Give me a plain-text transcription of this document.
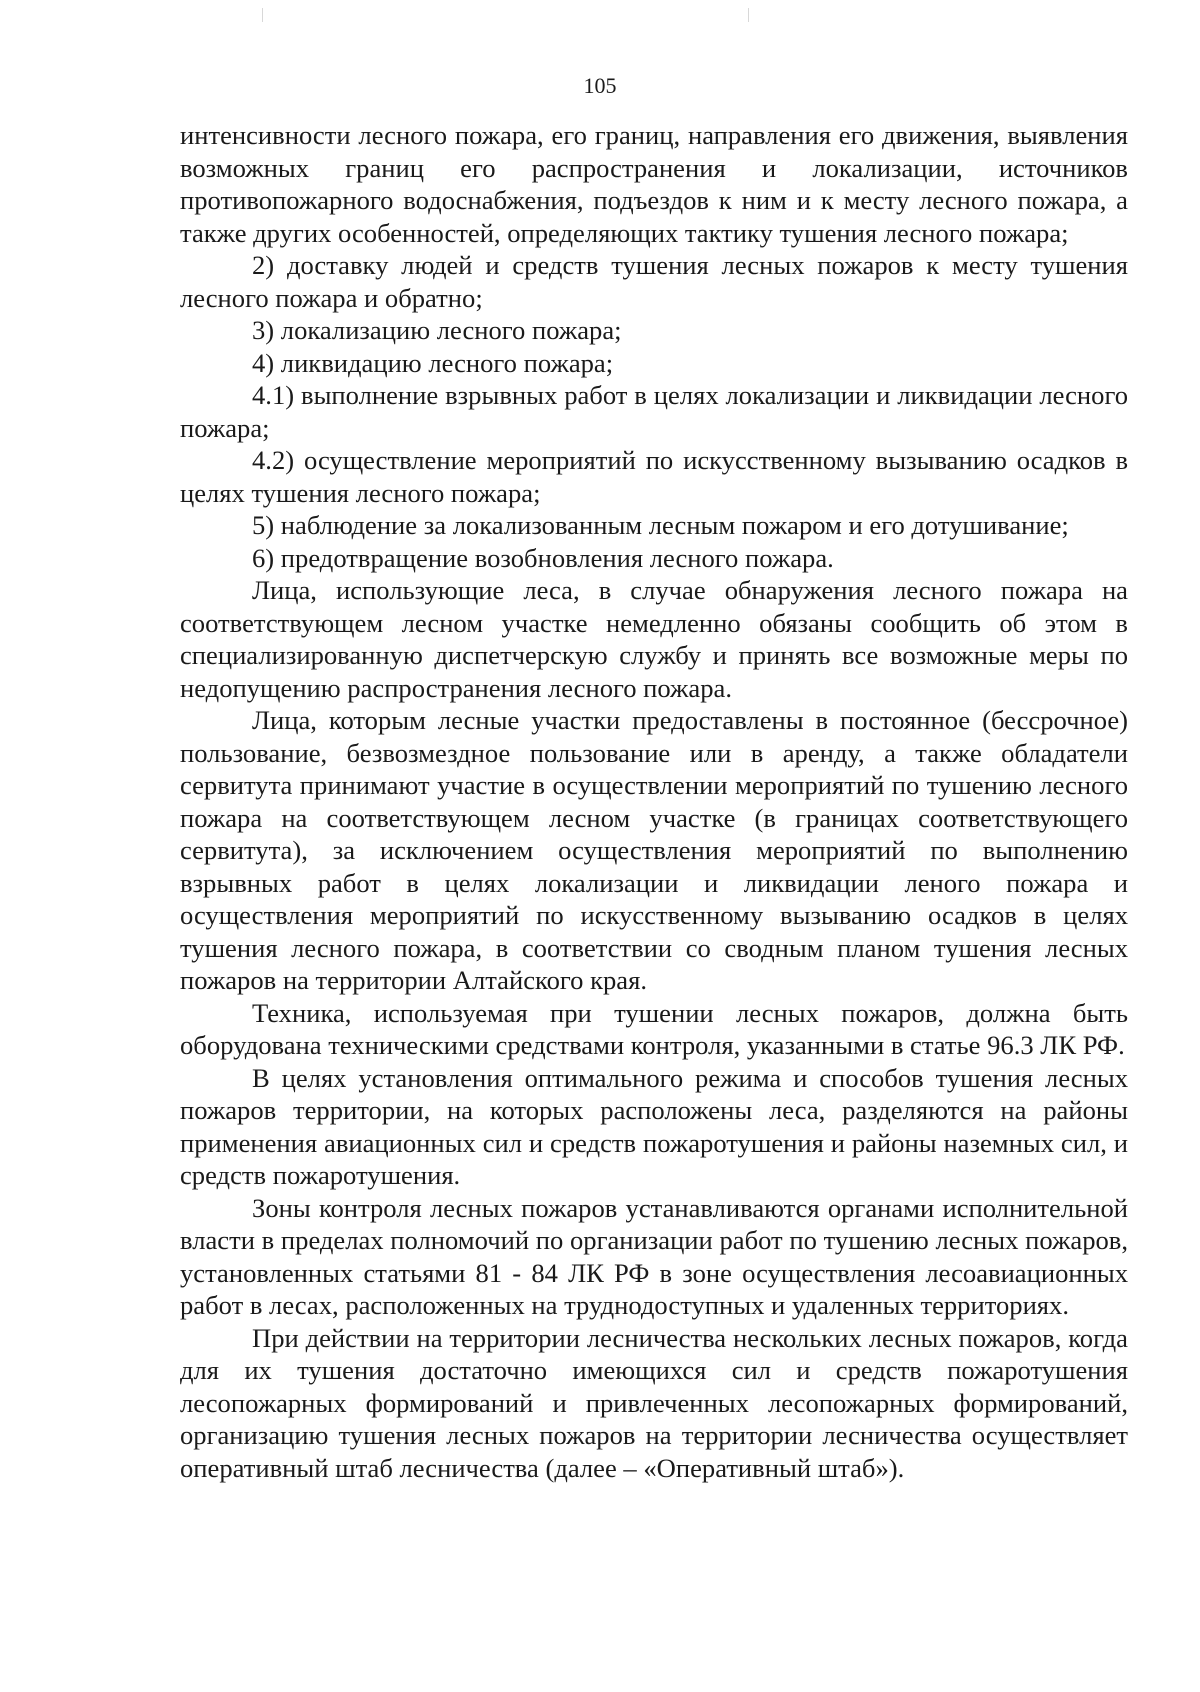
105

интенсивности лесного пожара, его границ, направления его движения, выявления возможных границ его распространения и локализации, источников противопожарного водоснабжения, подъездов к ним и к месту лесного пожара, а также других особенностей, определяющих тактику тушения лесного пожара;

2) доставку людей и средств тушения лесных пожаров к месту тушения лесного пожара и обратно;

3) локализацию лесного пожара;

4) ликвидацию лесного пожара;

4.1) выполнение взрывных работ в целях локализации и ликвидации лесного пожара;

4.2) осуществление мероприятий по искусственному вызыванию осадков в целях тушения лесного пожара;

5) наблюдение за локализованным лесным пожаром и его дотушивание;

6) предотвращение возобновления лесного пожара.

Лица, использующие леса, в случае обнаружения лесного пожара на соответствующем лесном участке немедленно обязаны сообщить об этом в специализированную диспетчерскую службу и принять все возможные меры по недопущению распространения лесного пожара.

Лица, которым лесные участки предоставлены в постоянное (бессрочное) пользование, безвозмездное пользование или в аренду, а также обладатели сервитута принимают участие в осуществлении мероприятий по тушению лесного пожара на соответствующем лесном участке (в границах соответствующего сервитута), за исключением осуществления мероприятий по выполнению взрывных работ в целях локализации и ликвидации леного пожара и осуществления мероприятий по искусственному вызыванию осадков в целях тушения лесного пожара, в соответствии со сводным планом тушения лесных пожаров на территории Алтайского края.

Техника, используемая при тушении лесных пожаров, должна быть оборудована техническими средствами контроля, указанными в статье 96.3 ЛК РФ.

В целях установления оптимального режима и способов тушения лесных пожаров территории, на которых расположены леса, разделяются на районы применения авиационных сил и средств пожаротушения и районы наземных сил, и средств пожаротушения.

Зоны контроля лесных пожаров устанавливаются органами исполнительной власти в пределах полномочий по организации работ по тушению лесных пожаров, установленных статьями 81 - 84 ЛК РФ в зоне осуществления лесоавиационных работ в лесах, расположенных на труднодоступных и удаленных территориях.

При действии на территории лесничества нескольких лесных пожаров, когда для их тушения достаточно имеющихся сил и средств пожаротушения лесопожарных формирований и привлеченных лесопожарных формирований, организацию тушения лесных пожаров на территории лесничества осуществляет оперативный штаб лесничества (далее – «Оперативный штаб»).
